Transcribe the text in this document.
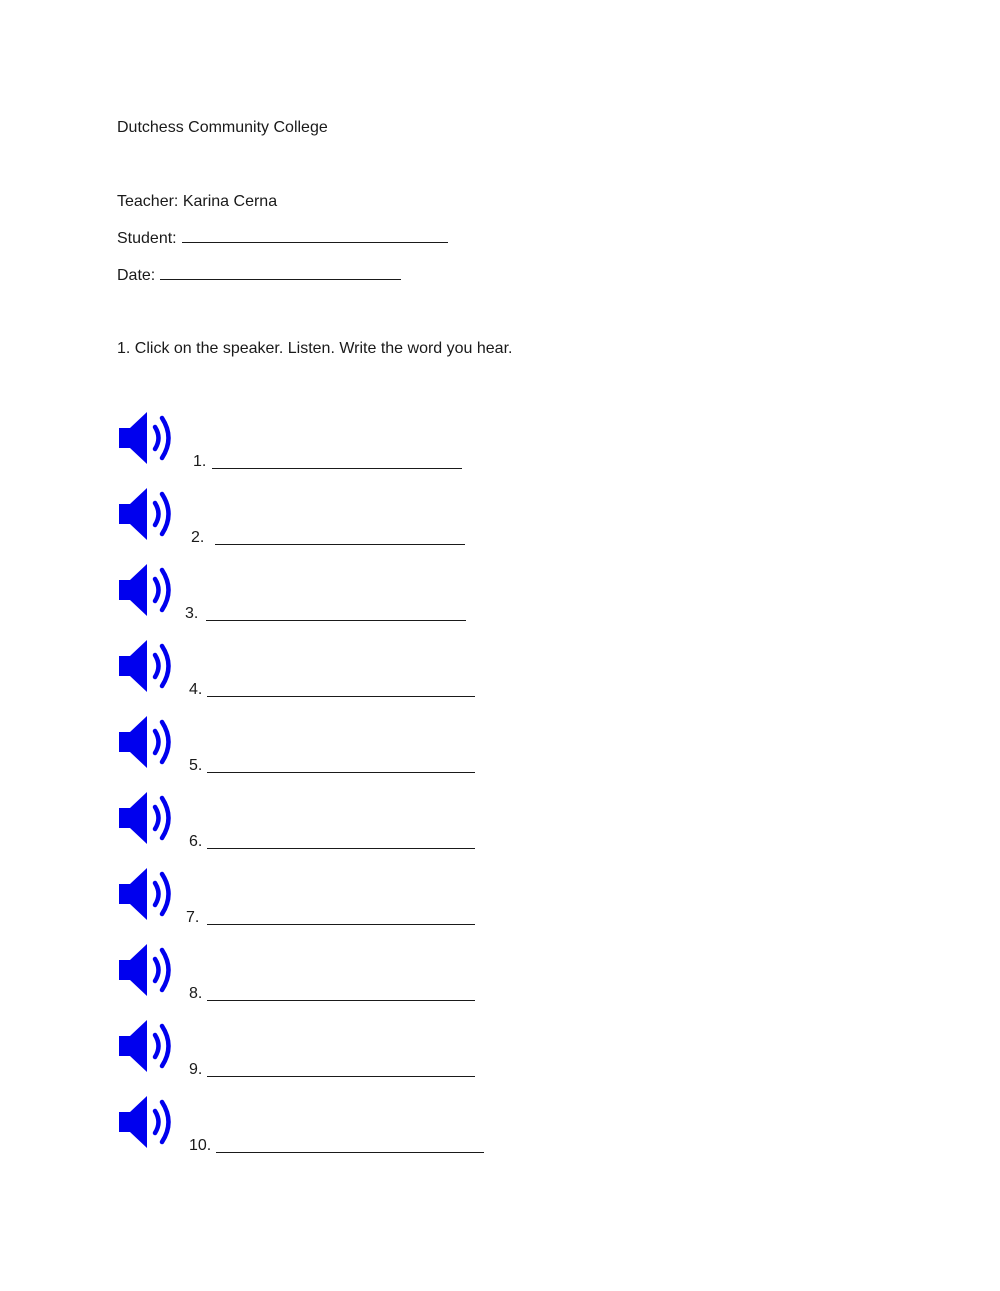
Dutchess Community College
Teacher: Karina Cerna
Student:
Date:
1. Click on the speaker. Listen. Write the word you hear.
1.
2.
3.
4.
5.
6.
7.
8.
9.
10.
